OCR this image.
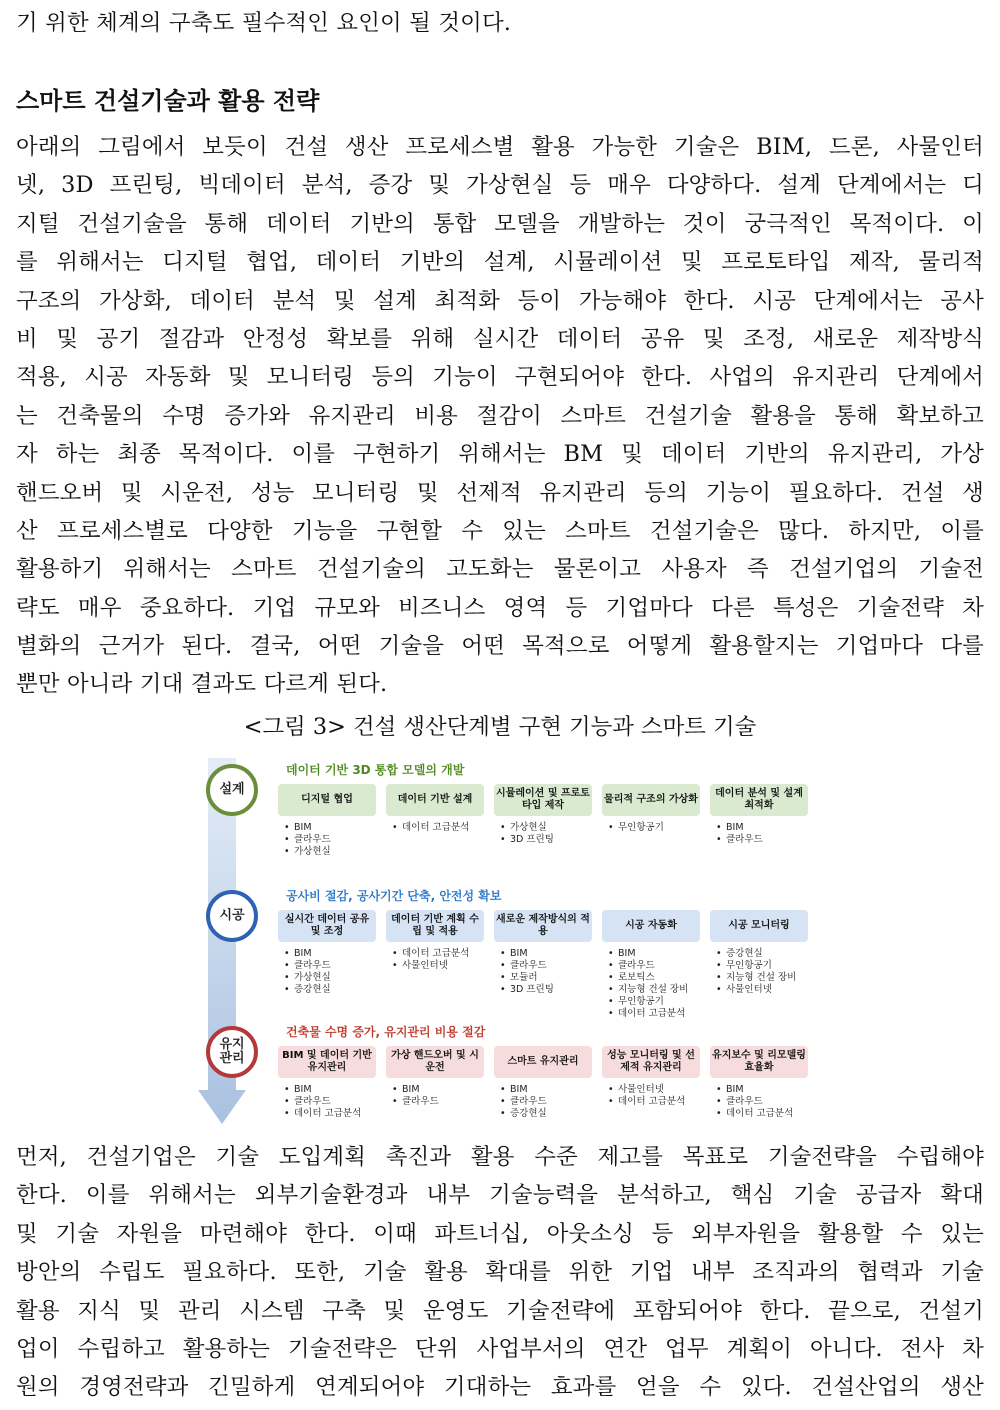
기 위한 체계의 구축도 필수적인 요인이 될 것이다.
스마트 건설기술과 활용 전략
아래의 그림에서 보듯이 건설 생산 프로세스별 활용 가능한 기술은 BIM, 드론, 사물인터
넷, 3D 프린팅, 빅데이터 분석, 증강 및 가상현실 등 매우 다양하다. 설계 단계에서는 디
지털 건설기술을 통해 데이터 기반의 통합 모델을 개발하는 것이 궁극적인 목적이다. 이
를 위해서는 디지털 협업, 데이터 기반의 설계, 시뮬레이션 및 프로토타입 제작, 물리적
구조의 가상화, 데이터 분석 및 설계 최적화 등이 가능해야 한다. 시공 단계에서는 공사
비 및 공기 절감과 안정성 확보를 위해 실시간 데이터 공유 및 조정, 새로운 제작방식
적용, 시공 자동화 및 모니터링 등의 기능이 구현되어야 한다. 사업의 유지관리 단계에서
는 건축물의 수명 증가와 유지관리 비용 절감이 스마트 건설기술 활용을 통해 확보하고
자 하는 최종 목적이다. 이를 구현하기 위해서는 BM 및 데이터 기반의 유지관리, 가상
핸드오버 및 시운전, 성능 모니터링 및 선제적 유지관리 등의 기능이 필요하다. 건설 생
산 프로세스별로 다양한 기능을 구현할 수 있는 스마트 건설기술은 많다. 하지만, 이를
활용하기 위해서는 스마트 건설기술의 고도화는 물론이고 사용자 즉 건설기업의 기술전
략도 매우 중요하다. 기업 규모와 비즈니스 영역 등 기업마다 다른 특성은 기술전략 차
별화의 근거가 된다. 결국, 어떤 기술을 어떤 목적으로 어떻게 활용할지는 기업마다 다를
뿐만 아니라 기대 결과도 다르게 된다.
<그림 3> 건설 생산단계별 구현 기능과 스마트 기술
설계
데이터 기반 3D 통합 모델의 개발
디지털 협업
• BIM
• 클라우드
• 가상현실
데이터 기반 설계
• 데이터 고급분석
시뮬레이션 및 프로토타입 제작
• 가상현실
• 3D 프린팅
물리적 구조의 가상화
• 무인항공기
데이터 분석 및 설계 최적화
• BIM
• 클라우드
시공
공사비 절감, 공사기간 단축, 안전성 확보
실시간 데이터 공유 및 조정
• BIM
• 클라우드
• 가상현실
• 증강현실
데이터 기반 계획 수립 및 적용
• 데이터 고급분석
• 사물인터넷
새로운 제작방식의 적용
• BIM
• 클라우드
• 모듈러
• 3D 프린팅
시공 자동화
• BIM
• 클라우드
• 로보틱스
• 지능형 건설 장비
• 무인항공기
• 데이터 고급분석
시공 모니터링
• 증강현실
• 무인항공기
• 지능형 건설 장비
• 사물인터넷
유지 관리
건축물 수명 증가, 유지관리 비용 절감
BIM 및 데이터 기반 유지관리
• BIM
• 클라우드
• 데이터 고급분석
가상 핸드오버 및 시운전
• BIM
• 클라우드
스마트 유지관리
• BIM
• 클라우드
• 증강현실
성능 모니터링 및 선제적 유지관리
• 사물인터넷
• 데이터 고급분석
유지보수 및 리모델링 효율화
• BIM
• 클라우드
• 데이터 고급분석
먼저, 건설기업은 기술 도입계획 촉진과 활용 수준 제고를 목표로 기술전략을 수립해야
한다. 이를 위해서는 외부기술환경과 내부 기술능력을 분석하고, 핵심 기술 공급자 확대
및 기술 자원을 마련해야 한다. 이때 파트너십, 아웃소싱 등 외부자원을 활용할 수 있는
방안의 수립도 필요하다. 또한, 기술 활용 확대를 위한 기업 내부 조직과의 협력과 기술
활용 지식 및 관리 시스템 구축 및 운영도 기술전략에 포함되어야 한다. 끝으로, 건설기
업이 수립하고 활용하는 기술전략은 단위 사업부서의 연간 업무 계획이 아니다. 전사 차
원의 경영전략과 긴밀하게 연계되어야 기대하는 효과를 얻을 수 있다. 건설산업의 생산
